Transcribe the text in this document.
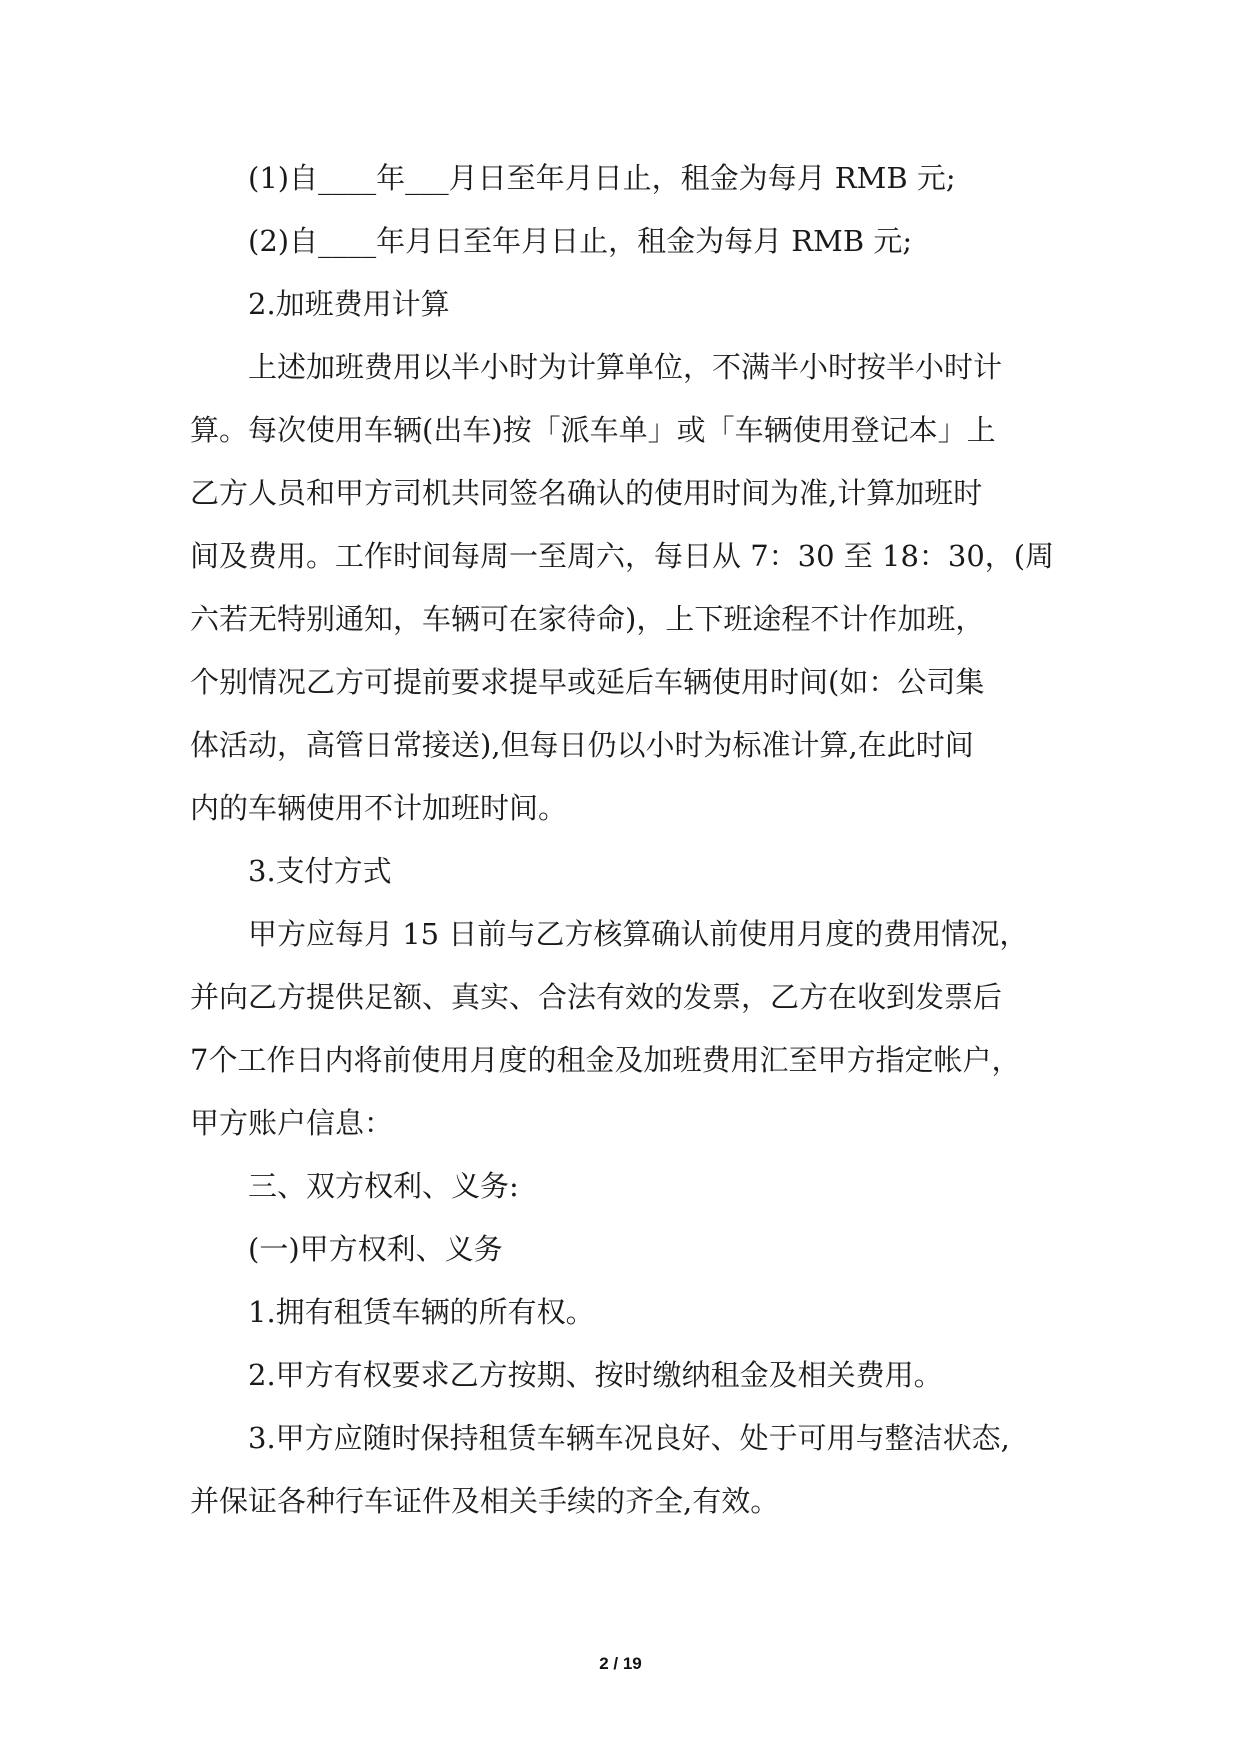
(1)自____年___月日至年月日止，租金为每月 RMB 元;

(2)自____年月日至年月日止，租金为每月 RMB 元;

2.加班费用计算

上述加班费用以半小时为计算单位，不满半小时按半小时计
算。每次使用车辆(出车)按「派车单」或「车辆使用登记本」上
乙方人员和甲方司机共同签名确认的使用时间为准,计算加班时
间及费用。工作时间每周一至周六，每日从 7：30 至 18：30，(周
六若无特别通知，车辆可在家待命)，上下班途程不计作加班，
个别情况乙方可提前要求提早或延后车辆使用时间(如：公司集
体活动，高管日常接送),但每日仍以小时为标准计算,在此时间
内的车辆使用不计加班时间。

3.支付方式

甲方应每月 15 日前与乙方核算确认前使用月度的费用情况，
并向乙方提供足额、真实、合法有效的发票，乙方在收到发票后
7个工作日内将前使用月度的租金及加班费用汇至甲方指定帐户，
甲方账户信息：

三、双方权利、义务:

(一)甲方权利、义务

1.拥有租赁车辆的所有权。

2.甲方有权要求乙方按期、按时缴纳租金及相关费用。

3.甲方应随时保持租赁车辆车况良好、处于可用与整洁状态,
并保证各种行车证件及相关手续的齐全,有效。

2 / 19
